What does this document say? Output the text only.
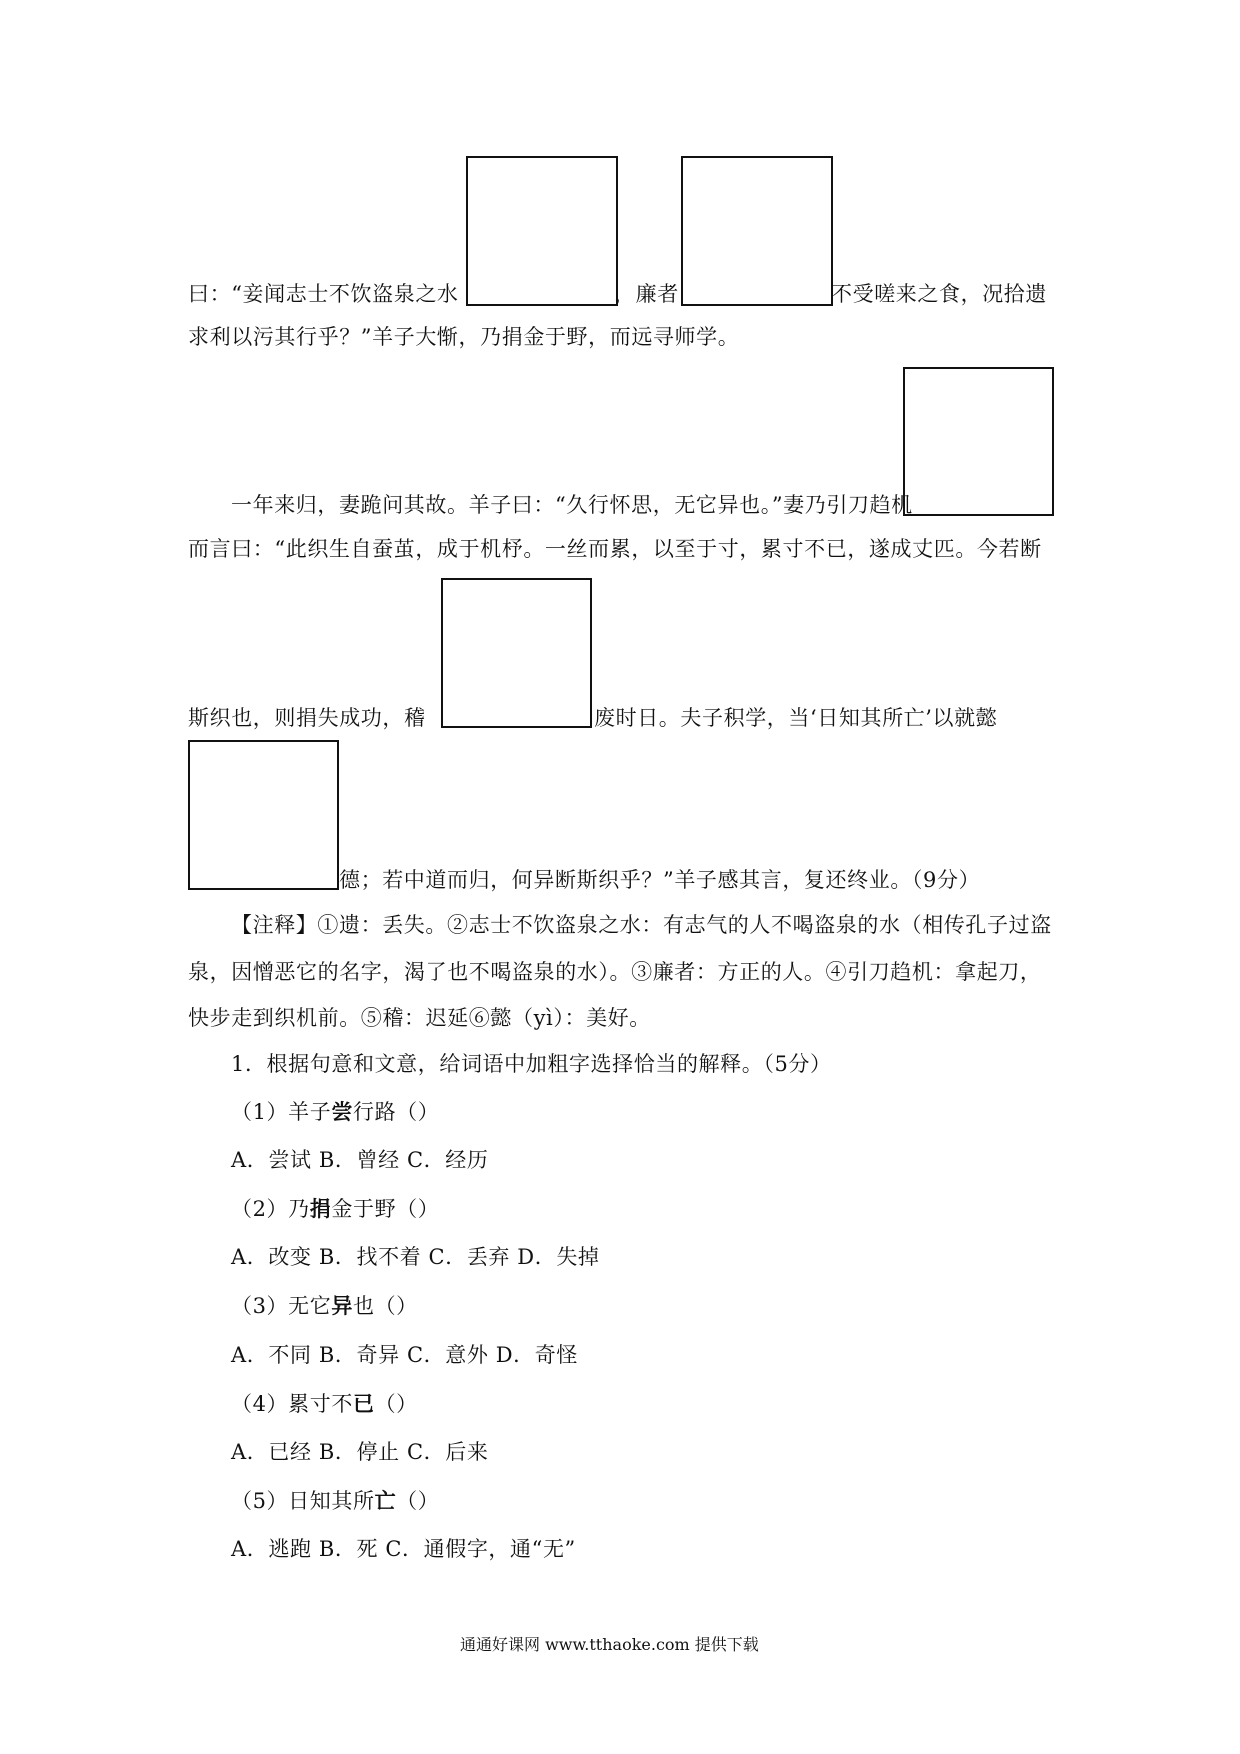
曰：“妾闻志士不饮盗泉之水	，廉者	不受嗟来之食，况拾遗
求利以污其行乎？”羊子大惭，乃捐金于野，而远寻师学。
一年来归，妻跪问其故。羊子曰：“久行怀思，无它异也。”妻乃引刀趋机
而言曰：“此织生自蚕茧，成于机杼。一丝而累，以至于寸，累寸不已，遂成丈匹。今若断
斯织也，则捐失成功，稽	废时日。夫子积学，当‘日知其所亡’以就懿
德；若中道而归，何异断斯织乎？”羊子感其言，复还终业。（9分）
【注释】①遗：丢失。②志士不饮盗泉之水：有志气的人不喝盗泉的水（相传孔子过盗
泉，因憎恶它的名字，渴了也不喝盗泉的水）。③廉者：方正的人。④引刀趋机：拿起刀，
快步走到织机前。⑤稽：迟延⑥懿（yì）：美好。
1．根据句意和文意，给词语中加粗字选择恰当的解释。（5分）
（1）羊子尝行路（）
A．尝试 B．曾经 C．经历
（2）乃捐金于野（）
A．改变 B．找不着 C．丢弃 D．失掉
（3）无它异也（）
A．不同 B．奇异 C．意外 D．奇怪
（4）累寸不已（）
A．已经 B．停止 C．后来
（5）日知其所亡（）
A．逃跑 B．死 C．通假字，通“无”
通通好课网 www.tthaoke.com 提供下载
